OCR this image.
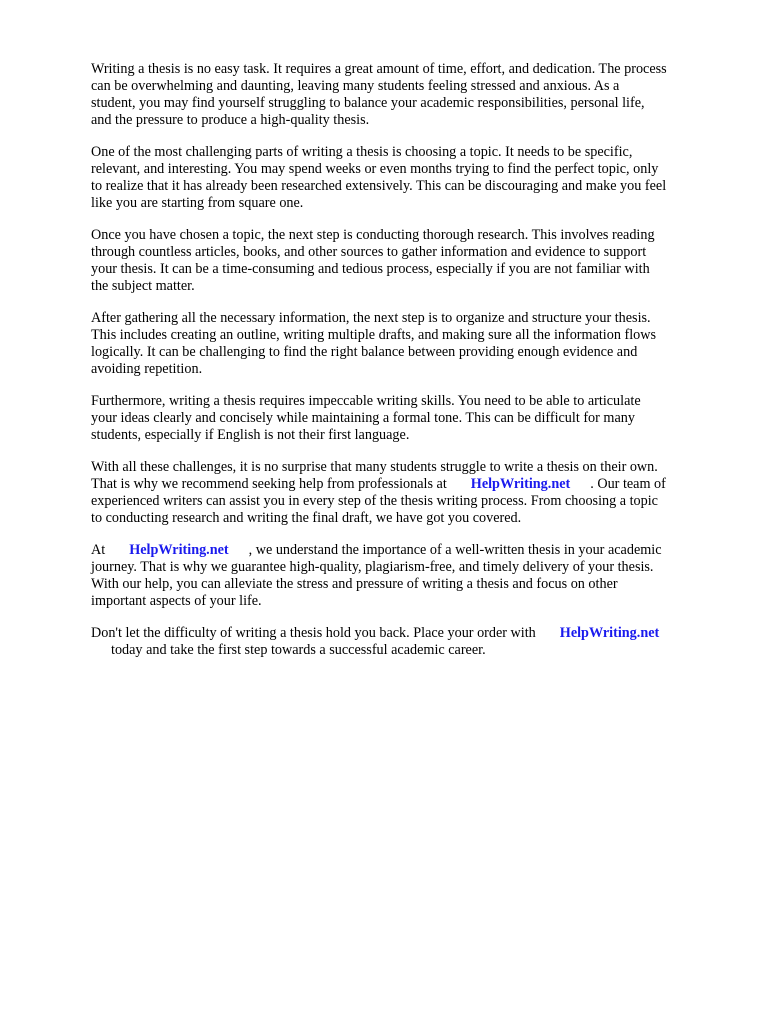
Writing a thesis is no easy task. It requires a great amount of time, effort, and dedication. The process
can be overwhelming and daunting, leaving many students feeling stressed and anxious. As a
student, you may find yourself struggling to balance your academic responsibilities, personal life,
and the pressure to produce a high-quality thesis.

One of the most challenging parts of writing a thesis is choosing a topic. It needs to be specific,
relevant, and interesting. You may spend weeks or even months trying to find the perfect topic, only
to realize that it has already been researched extensively. This can be discouraging and make you feel
like you are starting from square one.

Once you have chosen a topic, the next step is conducting thorough research. This involves reading
through countless articles, books, and other sources to gather information and evidence to support
your thesis. It can be a time-consuming and tedious process, especially if you are not familiar with
the subject matter.

After gathering all the necessary information, the next step is to organize and structure your thesis.
This includes creating an outline, writing multiple drafts, and making sure all the information flows
logically. It can be challenging to find the right balance between providing enough evidence and
avoiding repetition.

Furthermore, writing a thesis requires impeccable writing skills. You need to be able to articulate
your ideas clearly and concisely while maintaining a formal tone. This can be difficult for many
students, especially if English is not their first language.

With all these challenges, it is no surprise that many students struggle to write a thesis on their own.
That is why we recommend seeking help from professionals at HelpWriting.net . Our team of
experienced writers can assist you in every step of the thesis writing process. From choosing a topic
to conducting research and writing the final draft, we have got you covered.

At HelpWriting.net , we understand the importance of a well-written thesis in your academic
journey. That is why we guarantee high-quality, plagiarism-free, and timely delivery of your thesis.
With our help, you can alleviate the stress and pressure of writing a thesis and focus on other
important aspects of your life.

Don't let the difficulty of writing a thesis hold you back. Place your order with HelpWriting.net
today and take the first step towards a successful academic career.
